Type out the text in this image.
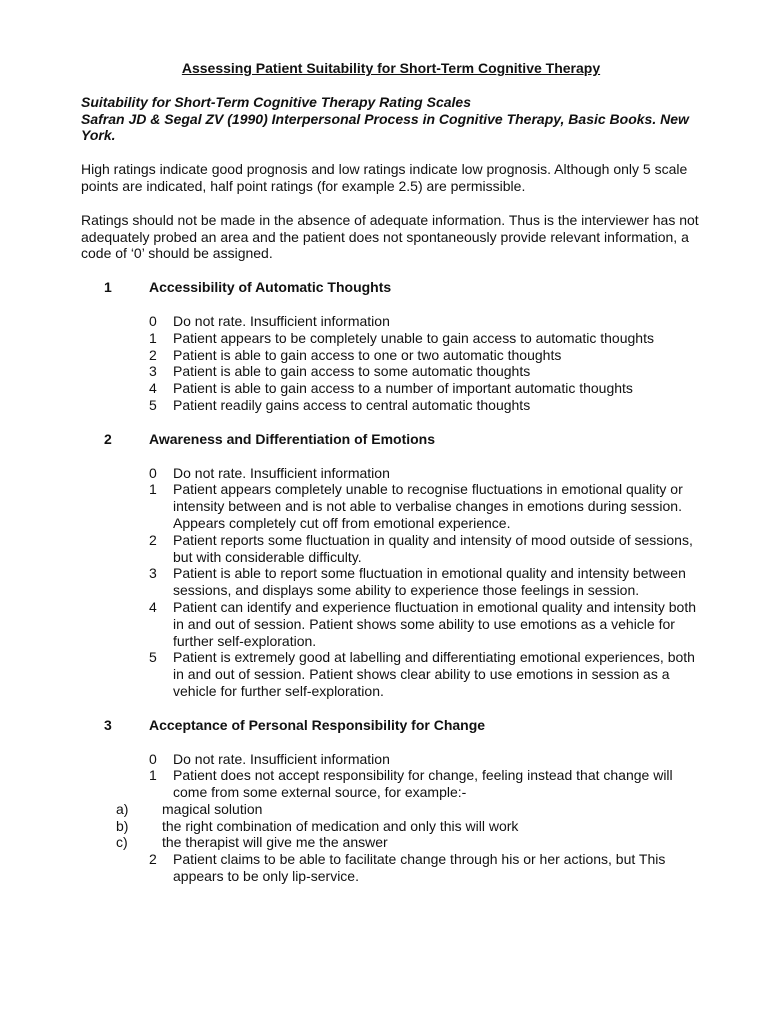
Assessing Patient Suitability for Short-Term Cognitive Therapy
Suitability for Short-Term Cognitive Therapy Rating Scales
Safran JD & Segal ZV (1990) Interpersonal Process in Cognitive Therapy, Basic Books. New York.

High ratings indicate good prognosis and low ratings indicate low prognosis. Although only 5 scale points are indicated, half point ratings (for example 2.5) are permissible.

Ratings should not be made in the absence of adequate information. Thus is the interviewer has not adequately probed an area and the patient does not spontaneously provide relevant information, a code of ‘0’ should be assigned.

1	Accessibility of Automatic Thoughts
0	Do not rate. Insufficient information
1	Patient appears to be completely unable to gain access to automatic thoughts
2	Patient is able to gain access to one or two automatic thoughts
3	Patient is able to gain access to some automatic thoughts
4	Patient is able to gain access to a number of important automatic thoughts
5	Patient readily gains access to central automatic thoughts
2	Awareness and Differentiation of Emotions
0	Do not rate. Insufficient information
1	Patient appears completely unable to recognise fluctuations in emotional quality or intensity between and is not able to verbalise changes in emotions during session. Appears completely cut off from emotional experience.
2	Patient reports some fluctuation in quality and intensity of mood outside of sessions, but with considerable difficulty.
3	Patient is able to report some fluctuation in emotional quality and intensity between sessions, and displays some ability to experience those feelings in session.
4	Patient can identify and experience fluctuation in emotional quality and intensity both in and out of session. Patient shows some ability to use emotions as a vehicle for further self-exploration.
5	Patient is extremely good at labelling and differentiating emotional experiences, both in and out of session. Patient shows clear ability to use emotions in session as a vehicle for further self-exploration.
3	Acceptance of Personal Responsibility for Change
0	Do not rate. Insufficient information
1	Patient does not accept responsibility for change, feeling instead that change will come from some external source, for example:-
a)	magical solution
b)	the right combination of medication and only this will work
c)	the therapist will give me the answer
2	Patient claims to be able to facilitate change through his or her actions, but This appears to be only lip-service.
